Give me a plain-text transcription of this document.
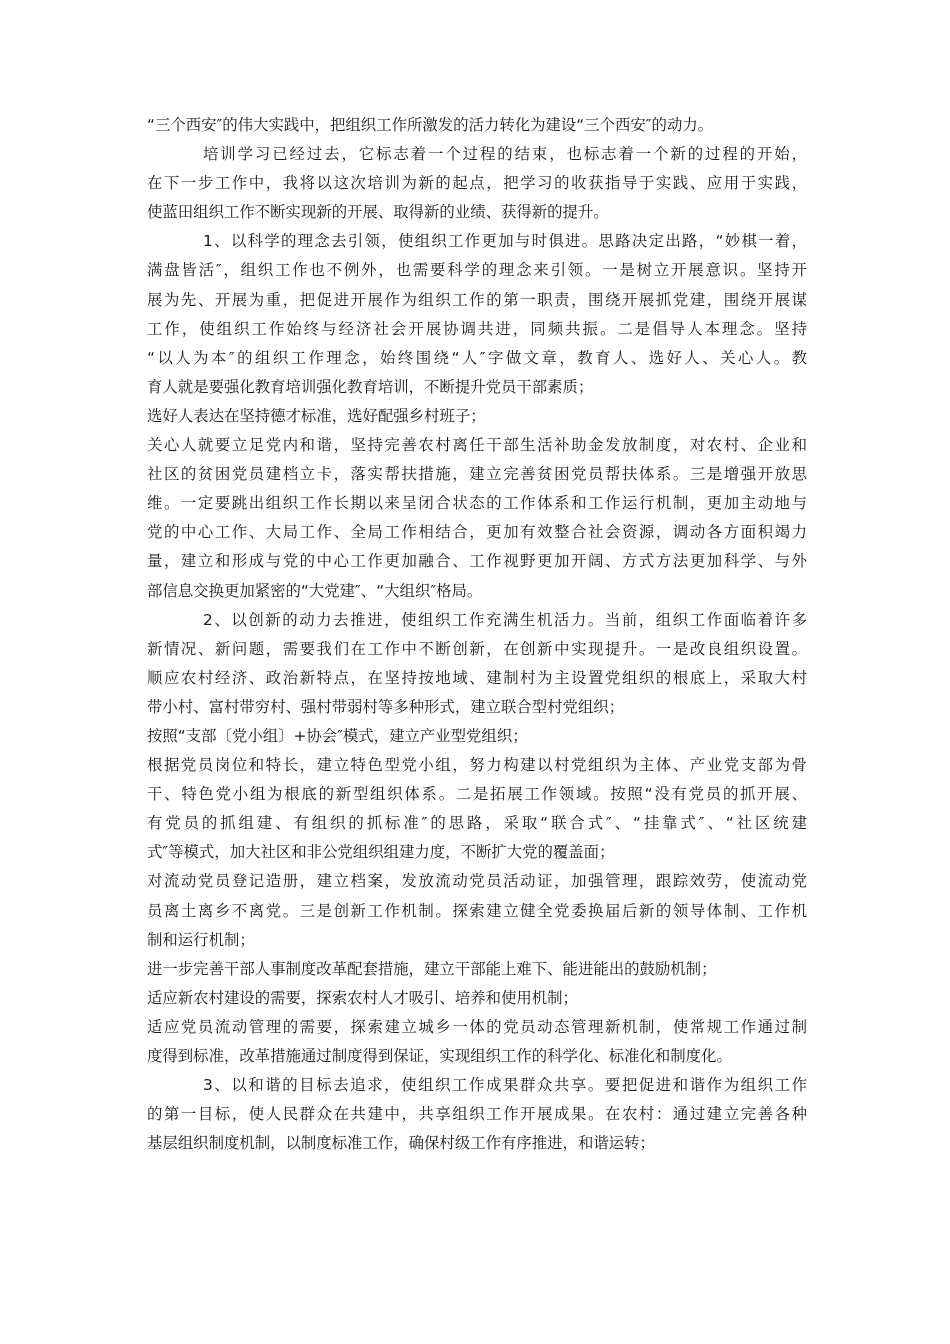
“三个西安″的伟大实践中，把组织工作所激发的活力转化为建设“三个西安″的动力。
培训学习已经过去，它标志着一个过程的结束，也标志着一个新的过程的开始，
在下一步工作中，我将以这次培训为新的起点，把学习的收获指导于实践、应用于实践，
使蓝田组织工作不断实现新的开展、取得新的业绩、获得新的提升。
1、以科学的理念去引领，使组织工作更加与时俱进。思路决定出路，“妙棋一着，
满盘皆活″，组织工作也不例外，也需要科学的理念来引领。一是树立开展意识。坚持开
展为先、开展为重，把促进开展作为组织工作的第一职责，围绕开展抓党建，围绕开展谋
工作，使组织工作始终与经济社会开展协调共进，同频共振。二是倡导人本理念。坚持
“以人为本″的组织工作理念，始终围绕“人″字做文章，教育人、选好人、关心人。教
育人就是要强化教育培训强化教育培训，不断提升党员干部素质；
选好人表达在坚持德才标准，选好配强乡村班子；
关心人就要立足党内和谐，坚持完善农村离任干部生活补助金发放制度，对农村、企业和
社区的贫困党员建档立卡，落实帮扶措施，建立完善贫困党员帮扶体系。三是增强开放思
维。一定要跳出组织工作长期以来呈闭合状态的工作体系和工作运行机制，更加主动地与
党的中心工作、大局工作、全局工作相结合，更加有效整合社会资源，调动各方面积竭力
量，建立和形成与党的中心工作更加融合、工作视野更加开阔、方式方法更加科学、与外
部信息交换更加紧密的“大党建″、“大组织″格局。
2、以创新的动力去推进，使组织工作充满生机活力。当前，组织工作面临着许多
新情况、新问题，需要我们在工作中不断创新，在创新中实现提升。一是改良组织设置。
顺应农村经济、政治新特点，在坚持按地域、建制村为主设置党组织的根底上，采取大村
带小村、富村带穷村、强村带弱村等多种形式，建立联合型村党组织；
按照“支部〔党小组〕+协会″模式，建立产业型党组织；
根据党员岗位和特长，建立特色型党小组，努力构建以村党组织为主体、产业党支部为骨
干、特色党小组为根底的新型组织体系。二是拓展工作领域。按照“没有党员的抓开展、
有党员的抓组建、有组织的抓标准″的思路，采取“联合式″、“挂靠式″、“社区统建
式″等模式，加大社区和非公党组织组建力度，不断扩大党的覆盖面；
对流动党员登记造册，建立档案，发放流动党员活动证，加强管理，跟踪效劳，使流动党
员离土离乡不离党。三是创新工作机制。探索建立健全党委换届后新的领导体制、工作机
制和运行机制；
进一步完善干部人事制度改革配套措施，建立干部能上难下、能进能出的鼓励机制；
适应新农村建设的需要，探索农村人才吸引、培养和使用机制；
适应党员流动管理的需要，探索建立城乡一体的党员动态管理新机制，使常规工作通过制
度得到标准，改革措施通过制度得到保证，实现组织工作的科学化、标准化和制度化。
3、以和谐的目标去追求，使组织工作成果群众共享。要把促进和谐作为组织工作
的第一目标，使人民群众在共建中，共享组织工作开展成果。在农村：通过建立完善各种
基层组织制度机制，以制度标准工作，确保村级工作有序推进，和谐运转；
